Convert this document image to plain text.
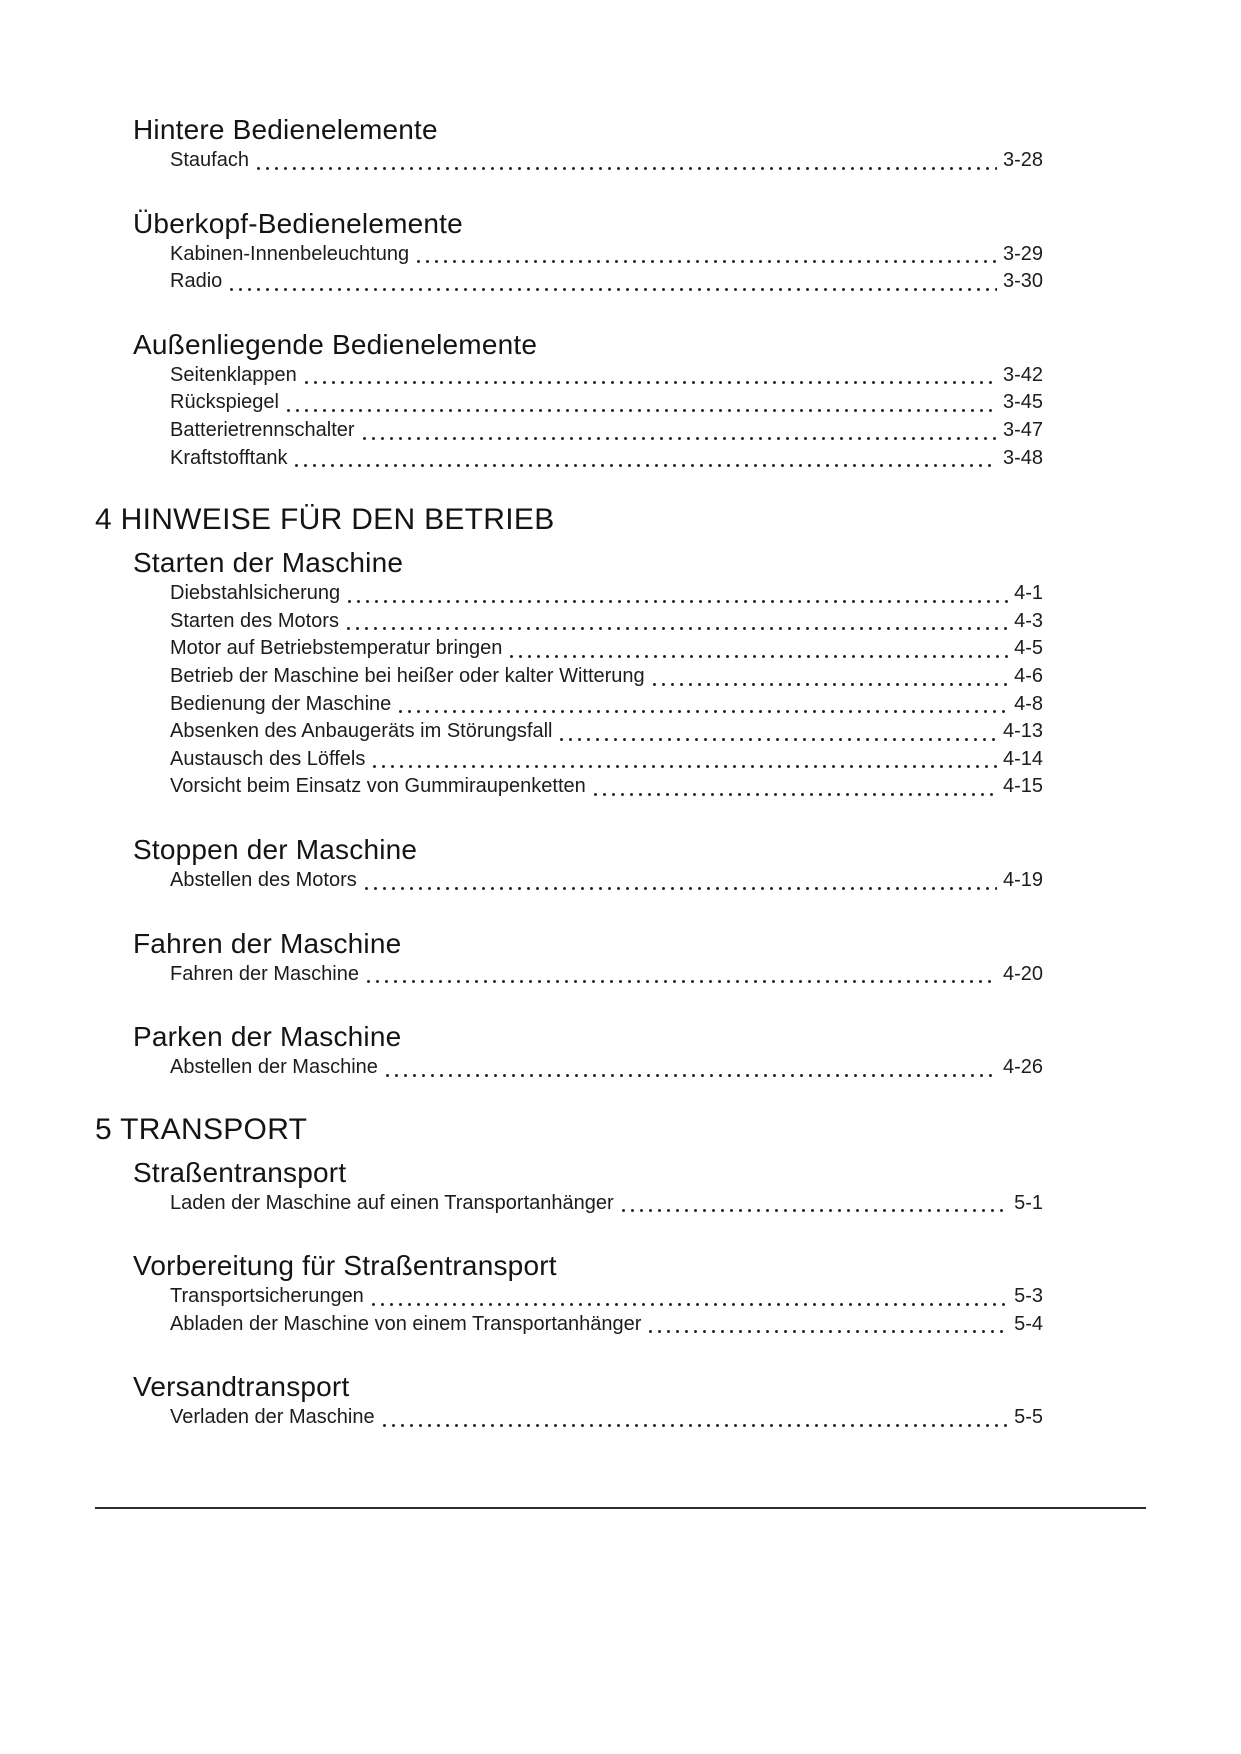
Hintere Bedienelemente
Staufach	3-28
Überkopf-Bedienelemente
Kabinen-Innenbeleuchtung	3-29
Radio	3-30
Außenliegende Bedienelemente
Seitenklappen	3-42
Rückspiegel	3-45
Batterietrennschalter	3-47
Kraftstofftank	3-48
4 HINWEISE FÜR DEN BETRIEB
Starten der Maschine
Diebstahlsicherung	4-1
Starten des Motors	4-3
Motor auf Betriebstemperatur bringen	4-5
Betrieb der Maschine bei heißer oder kalter Witterung	4-6
Bedienung der Maschine	4-8
Absenken des Anbaugeräts im Störungsfall	4-13
Austausch des Löffels	4-14
Vorsicht beim Einsatz von Gummiraupenketten	4-15
Stoppen der Maschine
Abstellen des Motors	4-19
Fahren der Maschine
Fahren der Maschine	4-20
Parken der Maschine
Abstellen der Maschine	4-26
5 TRANSPORT
Straßentransport
Laden der Maschine auf einen Transportanhänger	5-1
Vorbereitung für Straßentransport
Transportsicherungen	5-3
Abladen der Maschine von einem Transportanhänger	5-4
Versandtransport
Verladen der Maschine	5-5
